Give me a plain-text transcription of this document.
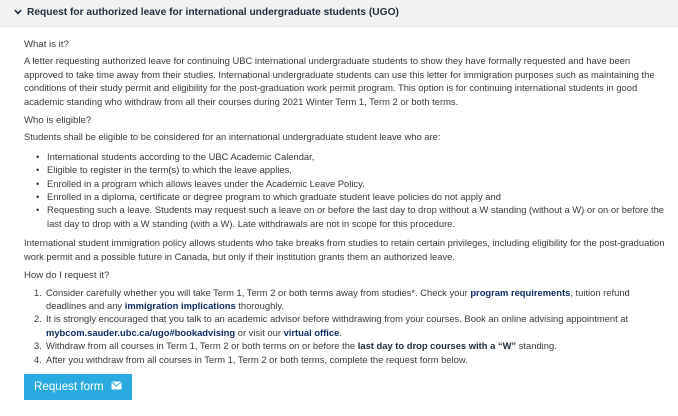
Request for authorized leave for international undergraduate students (UGO)
What is it?

A letter requesting authorized leave for continuing UBC international undergraduate students to show they have formally requested and have been approved to take time away from their studies. International undergraduate students can use this letter for immigration purposes such as maintaining the conditions of their study permit and eligibility for the post-graduation work permit program. This option is for continuing international students in good academic standing who withdraw from all their courses during 2021 Winter Term 1, Term 2 or both terms.

Who is eligible?

Students shall be eligible to be considered for an international undergraduate student leave who are:

• International students according to the UBC Academic Calendar,
• Eligible to register in the term(s) to which the leave applies,
• Enrolled in a program which allows leaves under the Academic Leave Policy.
• Enrolled in a diploma, certificate or degree program to which graduate student leave policies do not apply and
• Requesting such a leave. Students may request such a leave on or before the last day to drop without a W standing (without a W) or on or before the last day to drop with a W standing (with a W). Late withdrawals are not in scope for this procedure.

International student immigration policy allows students who take breaks from studies to retain certain privileges, including eligibility for the post-graduation work permit and a possible future in Canada, but only if their institution grants them an authorized leave.

How do I request it?
1. Consider carefully whether you will take Term 1, Term 2 or both terms away from studies*. Check your program requirements, tuition refund deadlines and any immigration implications thoroughly.
2. It is strongly encouraged that you talk to an academic advisor before withdrawing from your courses. Book an online advising appointment at mybcom.sauder.ubc.ca/ugo#bookadvising or visit our virtual office.
3. Withdraw from all courses in Term 1, Term 2 or both terms on or before the last day to drop courses with a “W” standing.
4. After you withdraw from all courses in Term 1, Term 2 or both terms, complete the request form below.
Request form
